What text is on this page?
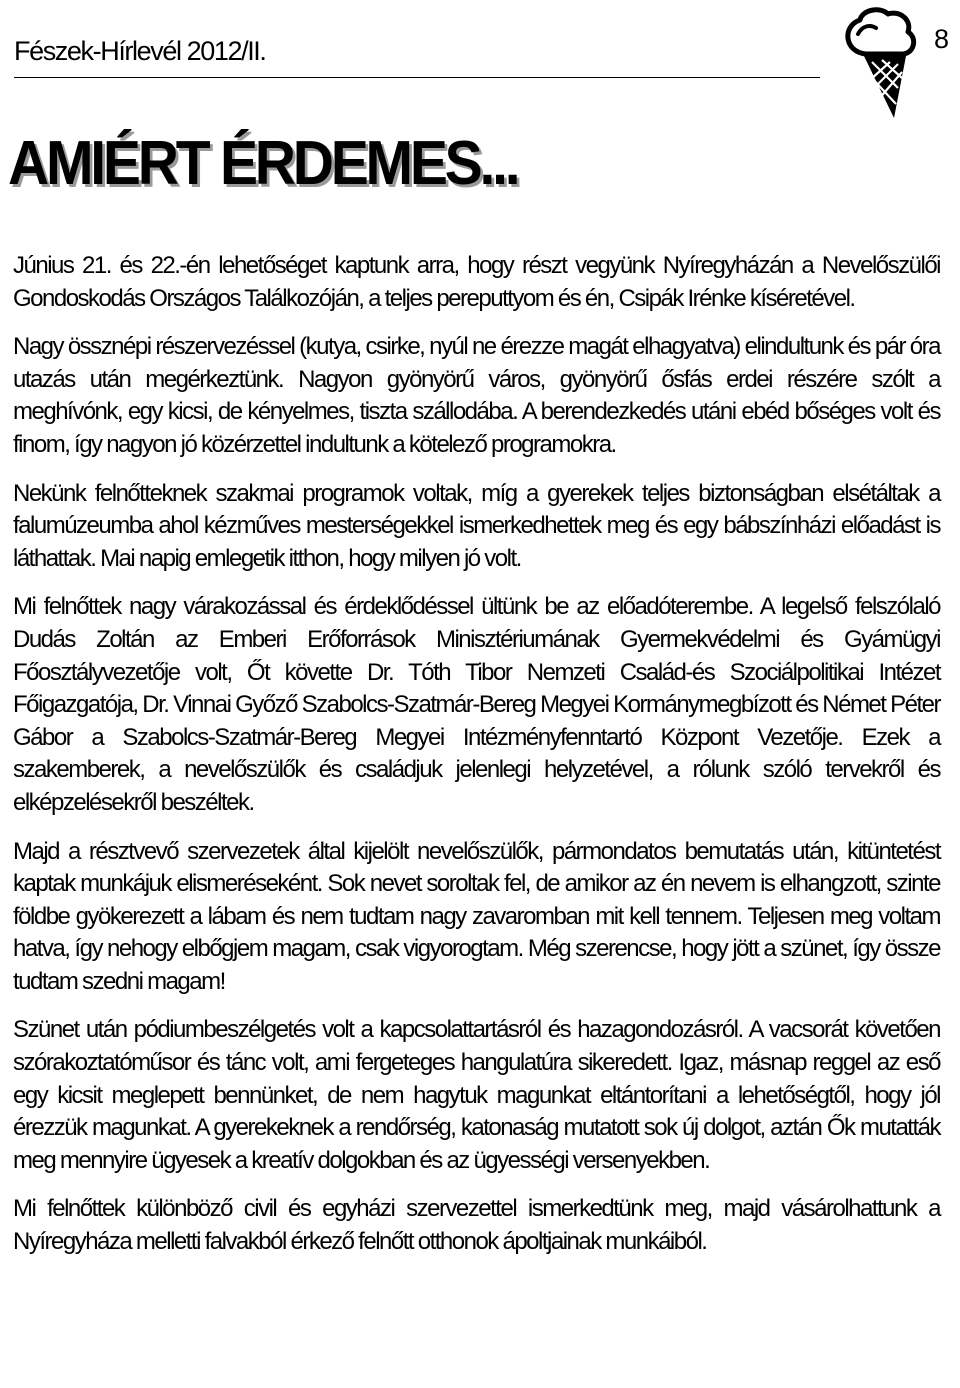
Fészek-Hírlevél 2012/II.	8
AMIÉRT ÉRDEMES...

Június 21. és 22.-én lehetőséget kaptunk arra, hogy részt vegyünk Nyíregyházán a Nevelőszülői Gondoskodás Országos Találkozóján, a teljes pereputtyom és én, Csipák Irénke kíséretével.

Nagy össznépi részervezéssel (kutya, csirke, nyúl ne érezze magát elhagyatva) elindultunk és pár óra utazás után megérkeztünk. Nagyon gyönyörű város, gyönyörű ősfás erdei részére szólt a meghívónk, egy kicsi, de kényelmes, tiszta szállodába. A berendezkedés utáni ebéd bőséges volt és finom, így nagyon jó közérzettel indultunk a kötelező programokra.

Nekünk felnőtteknek szakmai programok voltak, míg a gyerekek teljes biztonságban elsétáltak a falumúzeumba ahol kézműves mesterségekkel ismerkedhettek meg és egy bábszínházi előadást is láthattak. Mai napig emlegetik itthon, hogy milyen jó volt.

Mi felnőttek nagy várakozással és érdeklődéssel ültünk be az előadóterembe. A legelső felszólaló Dudás Zoltán az Emberi Erőforrások Minisztériumának Gyermekvédelmi és Gyámügyi Főosztályvezetője volt, Őt követte Dr. Tóth Tibor Nemzeti Család-és Szociálpolitikai Intézet Főigazgatója, Dr. Vinnai Győző Szabolcs-Szatmár-Bereg Megyei Kormánymegbízott és Német Péter Gábor a Szabolcs-Szatmár-Bereg Megyei Intézményfenntartó Központ Vezetője. Ezek a szakemberek, a nevelőszülők és családjuk jelenlegi helyzetével, a rólunk szóló tervekről és elképzelésekről beszéltek.

Majd a résztvevő szervezetek által kijelölt nevelőszülők, pármondatos bemutatás után, kitüntetést kaptak munkájuk elismeréseként. Sok nevet soroltak fel, de amikor az én nevem is elhangzott, szinte földbe gyökerezett a lábam és nem tudtam nagy zavaromban mit kell tennem. Teljesen meg voltam hatva, így nehogy elbőgjem magam, csak vigyorogtam. Még szerencse, hogy jött a szünet, így össze tudtam szedni magam!

Szünet után pódiumbeszélgetés volt a kapcsolattartásról és hazagondozásról. A vacsorát követően szórakoztatóműsor és tánc volt, ami fergeteges hangulatúra sikeredett. Igaz, másnap reggel az eső egy kicsit meglepett bennünket, de nem hagytuk magunkat eltántorítani a lehetőségtől, hogy jól érezzük magunkat. A gyerekeknek a rendőrség, katonaság mutatott sok új dolgot, aztán Ők mutatták meg mennyire ügyesek a kreatív dolgokban és az ügyességi versenyekben.

Mi felnőttek különböző civil és egyházi szervezettel ismerkedtünk meg, majd vásárolhattunk a Nyíregyháza melletti falvakból érkező felnőtt otthonok ápoltjainak munkáiból.
